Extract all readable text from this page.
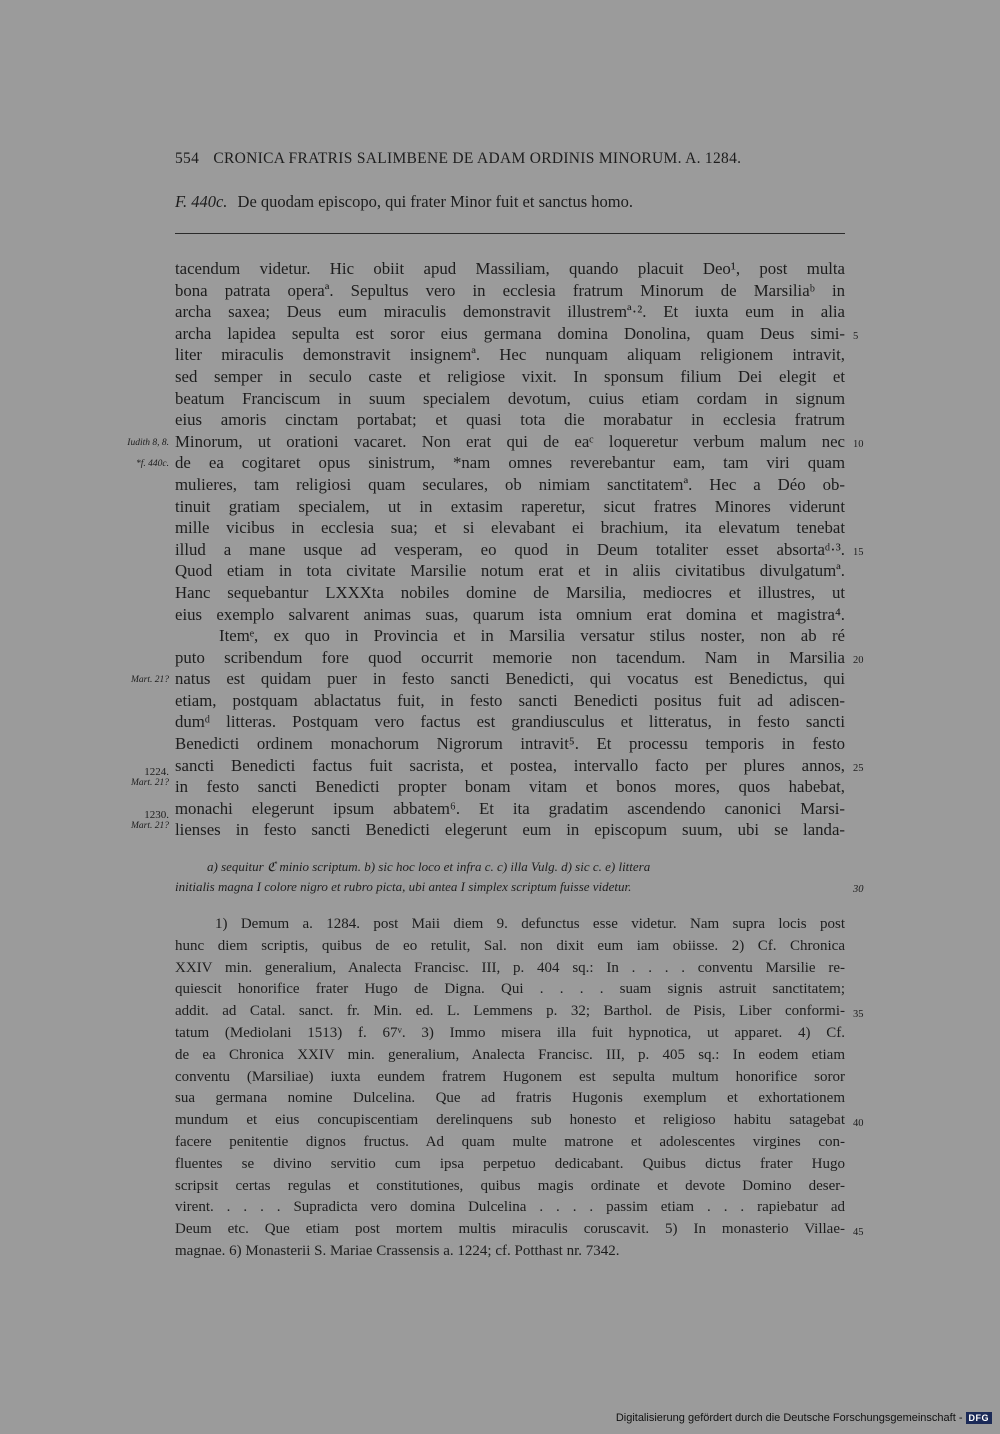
554 CRONICA FRATRIS SALIMBENE DE ADAM ORDINIS MINORUM. A. 1284.
F. 440c. De quodam episcopo, qui frater Minor fuit et sanctus homo.
tacendum videtur. Hic obiit apud Massiliam, quando placuit Deo¹, post multa
bona patrata operaª. Sepultus vero in ecclesia fratrum Minorum de Marsiliaᵇ in
archa saxea; Deus eum miraculis demonstravit illustremª·². Et iuxta eum in alia
archa lapidea sepulta est soror eius germana domina Donolina, quam Deus simi- 5
liter miraculis demonstravit insignemª. Hec nunquam aliquam religionem intravit,
sed semper in seculo caste et religiose vixit. In sponsum filium Dei elegit et
beatum Franciscum in suum specialem devotum, cuius etiam cordam in signum
eius amoris cinctam portabat; et quasi tota die morabatur in ecclesia fratrum
Minorum, ut orationi vacaret. Non erat qui de eaᶜ loqueretur verbum malum nec
Iudith 8, 8.	10
de ea cogitaret opus sinistrum, *nam omnes reverebantur eam, tam viri quam
*f. 440c.
mulieres, tam religiosi quam seculares, ob nimiam sanctitatemª. Hec a Déo ob-
tinuit gratiam specialem, ut in extasim raperetur, sicut fratres Minores viderunt
mille vicibus in ecclesia sua; et si elevabant ei brachium, ita elevatum tenebat
illud a mane usque ad vesperam, eo quod in Deum totaliter esset absortaᵈ·³. 15
Quod etiam in tota civitate Marsilie notum erat et in aliis civitatibus divulgatumª.
Hanc sequebantur LXXXta nobiles domine de Marsilia, mediocres et illustres, ut
eius exemplo salvarent animas suas, quarum ista omnium erat domina et magistra⁴.
Itemᵉ, ex quo in Provincia et in Marsilia versatur stilus noster, non ab ré
puto scribendum fore quod occurrit memorie non tacendum. Nam in Marsilia 20
natus est quidam puer in festo sancti Benedicti, qui vocatus est Benedictus, qui
Mart. 21?
etiam, postquam ablactatus fuit, in festo sancti Benedicti positus fuit ad adiscen-
dumᵈ litteras. Postquam vero factus est grandiusculus et litteratus, in festo sancti
Benedicti ordinem monachorum Nigrorum intravit⁵. Et processu temporis in festo
sancti Benedicti factus fuit sacrista, et postea, intervallo facto per plures annos, 25
in festo sancti Benedicti propter bonam vitam et bonos mores, quos habebat,
1224.
Mart. 21?
monachi elegerunt ipsum abbatem⁶. Et ita gradatim ascendendo canonici Marsi-
lienses in festo sancti Benedicti elegerunt eum in episcopum suum, ubi se landa-
1230.
Mart. 21?
a) sequitur ℭ minio scriptum. b) sic hoc loco et infra c. c) illa Vulg. d) sic c. e) littera
initialis magna I colore nigro et rubro picta, ubi antea I simplex scriptum fuisse videtur.	30
1) Demum a. 1284. post Maii diem 9. defunctus esse videtur. Nam supra locis post
hunc diem scriptis, quibus de eo retulit, Sal. non dixit eum iam obiisse. 2) Cf. Chronica
XXIV min. generalium, Analecta Francisc. III, p. 404 sq.: In . . . . conventu Marsilie re-
quiescit honorifice frater Hugo de Digna. Qui . . . . suam signis astruit sanctitatem;
addit. ad Catal. sanct. fr. Min. ed. L. Lemmens p. 32; Barthol. de Pisis, Liber conformi- 35
tatum (Mediolani 1513) f. 67ᵛ. 3) Immo misera illa fuit hypnotica, ut apparet. 4) Cf.
de ea Chronica XXIV min. generalium, Analecta Francisc. III, p. 405 sq.: In eodem etiam
conventu (Marsiliae) iuxta eundem fratrem Hugonem est sepulta multum honorifice soror
sua germana nomine Dulcelina. Que ad fratris Hugonis exemplum et exhortationem
mundum et eius concupiscentiam derelinquens sub honesto et religioso habitu satagebat 40
facere penitentie dignos fructus. Ad quam multe matrone et adolescentes virgines con-
fluentes se divino servitio cum ipsa perpetuo dedicabant. Quibus dictus frater Hugo
scripsit certas regulas et constitutiones, quibus magis ordinate et devote Domino deser-
virent. . . . . Supradicta vero domina Dulcelina . . . . passim etiam . . . rapiebatur ad
Deum etc. Que etiam post mortem multis miraculis coruscavit. 5) In monasterio Villae- 45
magnae. 6) Monasterii S. Mariae Crassensis a. 1224; cf. Potthast nr. 7342.
Digitalisierung gefördert durch die Deutsche Forschungsgemeinschaft - DFG
